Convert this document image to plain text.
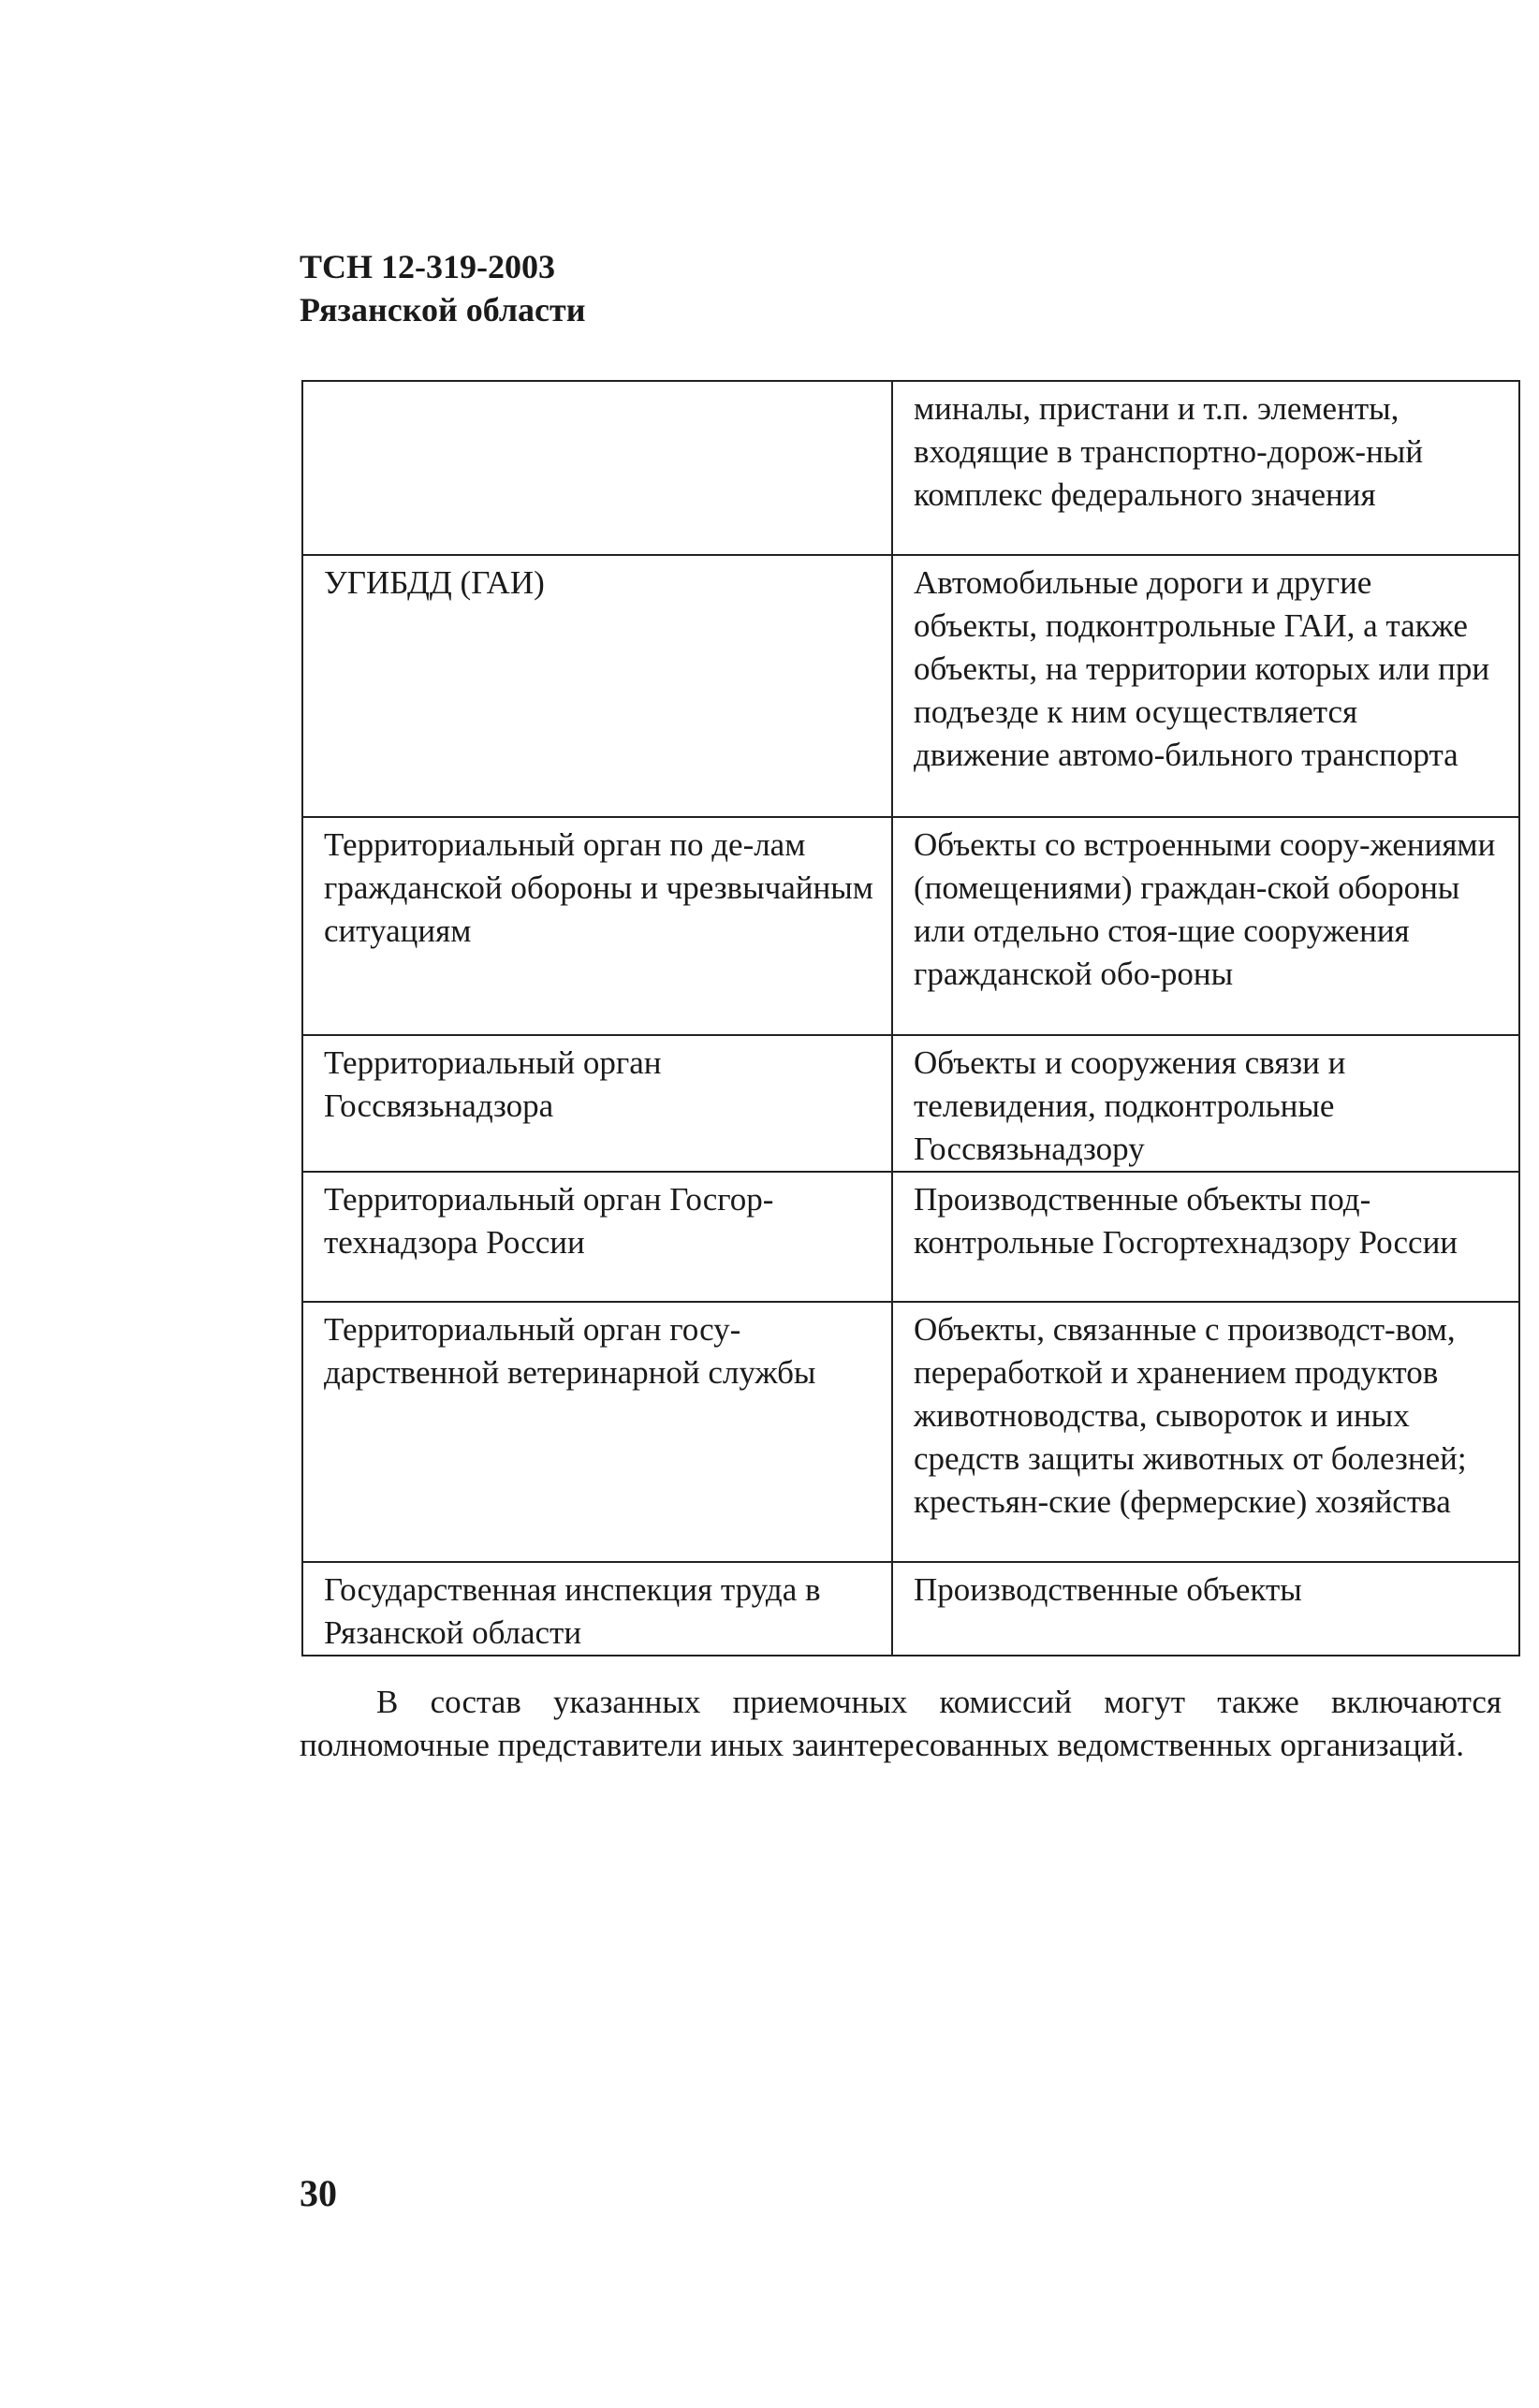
ТСН 12-319-2003
Рязанской области
	миналы, пристани и т.п. элементы, входящие в транспортно-дорож-ный комплекс федерального значения
УГИБДД (ГАИ)	Автомобильные дороги и другие объекты, подконтрольные ГАИ, а также объекты, на территории которых или при подъезде к ним осуществляется движение автомо-бильного транспорта
Территориальный орган по де-лам гражданской обороны и чрезвычайным ситуациям	Объекты со встроенными соору-жениями (помещениями) граждан-ской обороны или отдельно стоя-щие сооружения гражданской обо-роны
Территориальный орган Госсвязьнадзора	Объекты и сооружения связи и телевидения, подконтрольные Госсвязьнадзору
Территориальный орган Госгор-технадзора России	Производственные объекты под-контрольные Госгортехнадзору России
Территориальный орган госу-дарственной ветеринарной службы	Объекты, связанные с производст-вом, переработкой и хранением продуктов животноводства, сывороток и иных средств защиты животных от болезней; крестьян-ские (фермерские) хозяйства
Государственная инспекция труда в Рязанской области	Производственные объекты
В состав указанных приемочных комиссий могут также включаются полномочные представители иных заинтересованных ведомственных организаций.
30
